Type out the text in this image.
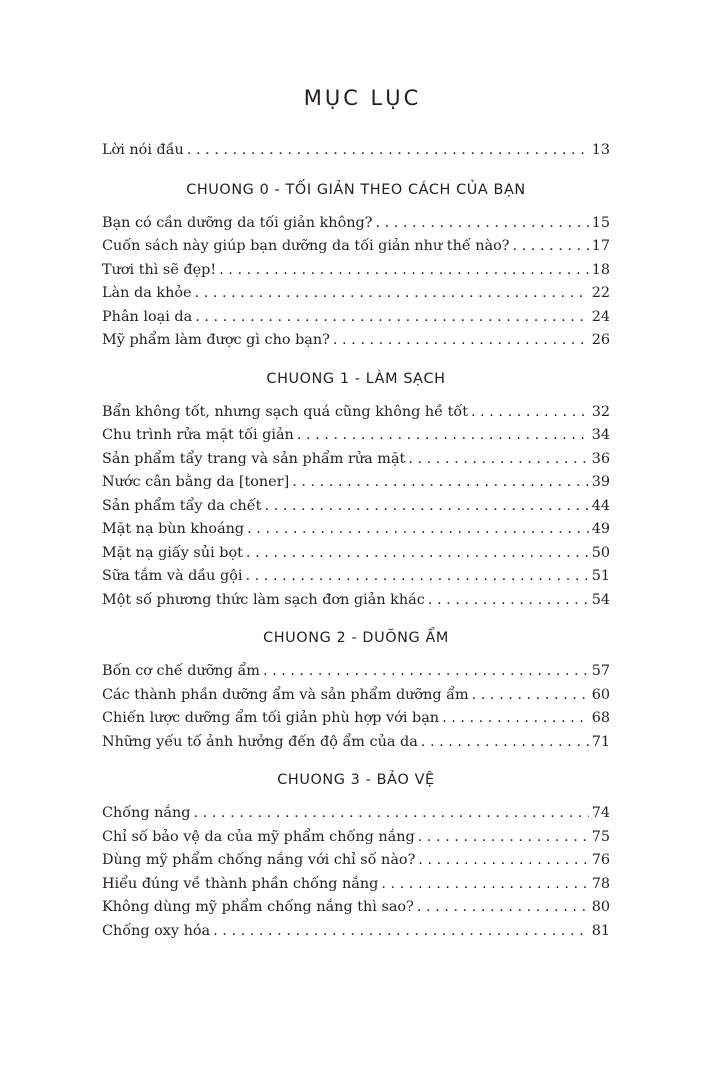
MỤC LỤC
Lời nói đầu . . .	13
CHUONG 0 - TỐI GIẢN THEO CÁCH CỦA BẠN
Bạn có cần dưỡng da tối giản không? . . .	15
Cuốn sách này giúp bạn dưỡng da tối giản như thế nào? . . .	17
Tươi thì sẽ đẹp! . . .	18
Làn da khỏe . . .	22
Phân loại da . . .	24
Mỹ phẩm làm được gì cho bạn? . . .	26
CHUONG 1 - LÀM SẠCH
Bẩn không tốt, nhưng sạch quá cũng không hề tốt . . .	32
Chu trình rửa mặt tối giản . . .	34
Sản phẩm tẩy trang và sản phẩm rửa mặt . . .	36
Nước cân bằng da [toner] . . .	39
Sản phẩm tẩy da chết . . .	44
Mặt nạ bùn khoáng . . .	49
Mặt nạ giấy sủi bọt . . .	50
Sữa tắm và dầu gội . . .	51
Một số phương thức làm sạch đơn giản khác . . .	54
CHUONG 2 - DUÕNG ẨM
Bốn cơ chế dưỡng ẩm . . .	57
Các thành phần dưỡng ẩm và sản phẩm dưỡng ẩm . . .	60
Chiến lược dưỡng ẩm tối giản phù hợp với bạn . . .	68
Những yếu tố ảnh hưởng đến độ ẩm của da . . .	71
CHUONG 3 - BẢO VỆ
Chống nắng . . .	74
Chỉ số bảo vệ da của mỹ phẩm chống nắng . . .	75
Dùng mỹ phẩm chống nắng với chỉ số nào? . . .	76
Hiểu đúng về thành phần chống nắng . . .	78
Không dùng mỹ phẩm chống nắng thì sao? . . .	80
Chống oxy hóa . . .	81
